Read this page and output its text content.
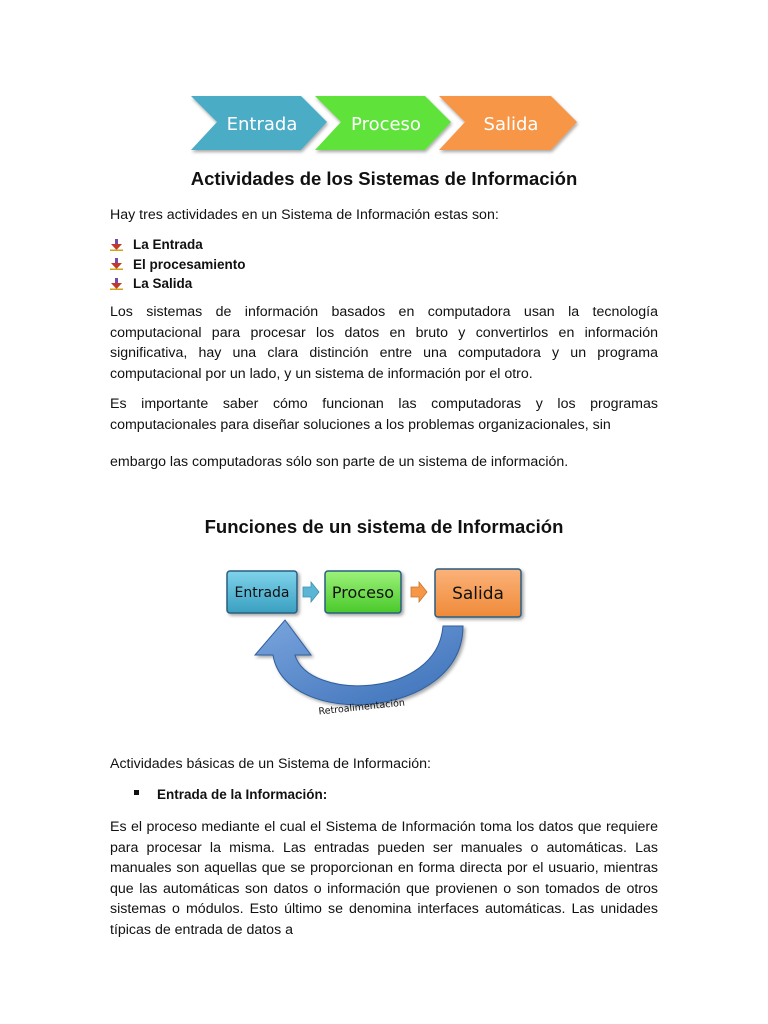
Entrada	Proceso	Salida
Actividades de los Sistemas de Información

Hay tres actividades en un Sistema de Información estas son:

La Entrada
El procesamiento
La Salida

Los sistemas de información basados en computadora usan la tecnología computacional para procesar los datos en bruto y convertirlos en información significativa, hay una clara distinción entre una computadora y un programa computacional por un lado, y un sistema de información por el otro.

Es importante saber cómo funcionan las computadoras y los programas computacionales para diseñar soluciones a los problemas organizacionales, sin

embargo las computadoras sólo son parte de un sistema de información.

Funciones de un sistema de Información
Entrada	Proceso	Salida
Retroalimentación

Actividades básicas de un Sistema de Información:

Entrada de la Información:

Es el proceso mediante el cual el Sistema de Información toma los datos que requiere para procesar la misma. Las entradas pueden ser manuales o automáticas. Las manuales son aquellas que se proporcionan en forma directa por el usuario, mientras que las automáticas son datos o información que provienen o son tomados de otros sistemas o módulos. Esto último se denomina interfaces automáticas. Las unidades típicas de entrada de datos a
